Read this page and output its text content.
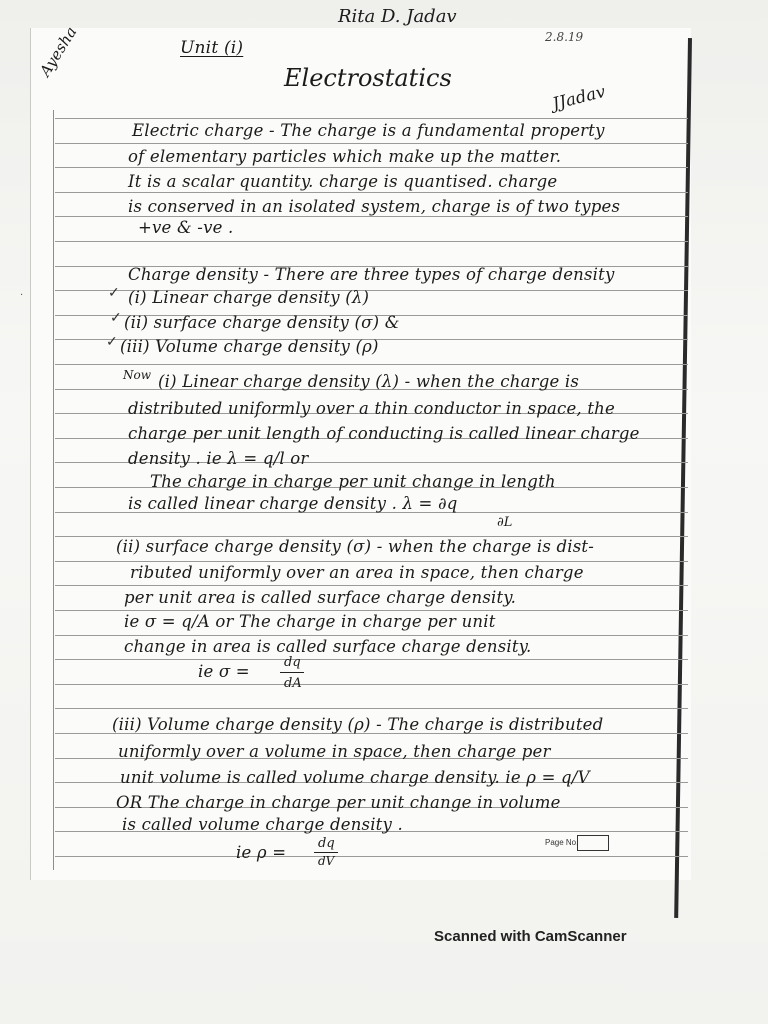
Rita D. Jadav
2.8.19
Ayesha	Unit (i)
Electrostatics
JJadav
Electric charge - The charge is a fundamental property
of elementary particles which make up the matter.
It is a scalar quantity. charge is quantised. charge
is conserved in an isolated system, charge is of two types
+ve & -ve .
Charge density - There are three types of charge density
✓ (i) Linear charge density (λ)
✓ (ii) surface charge density (σ) &
✓ (iii) Volume charge density (ρ)
·
Now (i) Linear charge density (λ) - when the charge is
distributed uniformly over a thin conductor in space, the
charge per unit length of conducting is called linear charge
density . ie λ = q/l or
The charge in charge per unit change in length
is called linear charge density . λ = ∂q
∂L
(ii) surface charge density (σ) - when the charge is dist-
ributed uniformly over an area in space, then charge
per unit area is called surface charge density.
ie σ = q/A or The charge in charge per unit
change in area is called surface charge density.
ie σ =	dq
dA
(iii) Volume charge density (ρ) - The charge is distributed
uniformly over a volume in space, then charge per
unit volume is called volume charge density. ie ρ = q/V
OR The charge in charge per unit change in volume
is called volume charge density .
ie ρ = dq
dV
Page No.
Scanned with CamScanner
